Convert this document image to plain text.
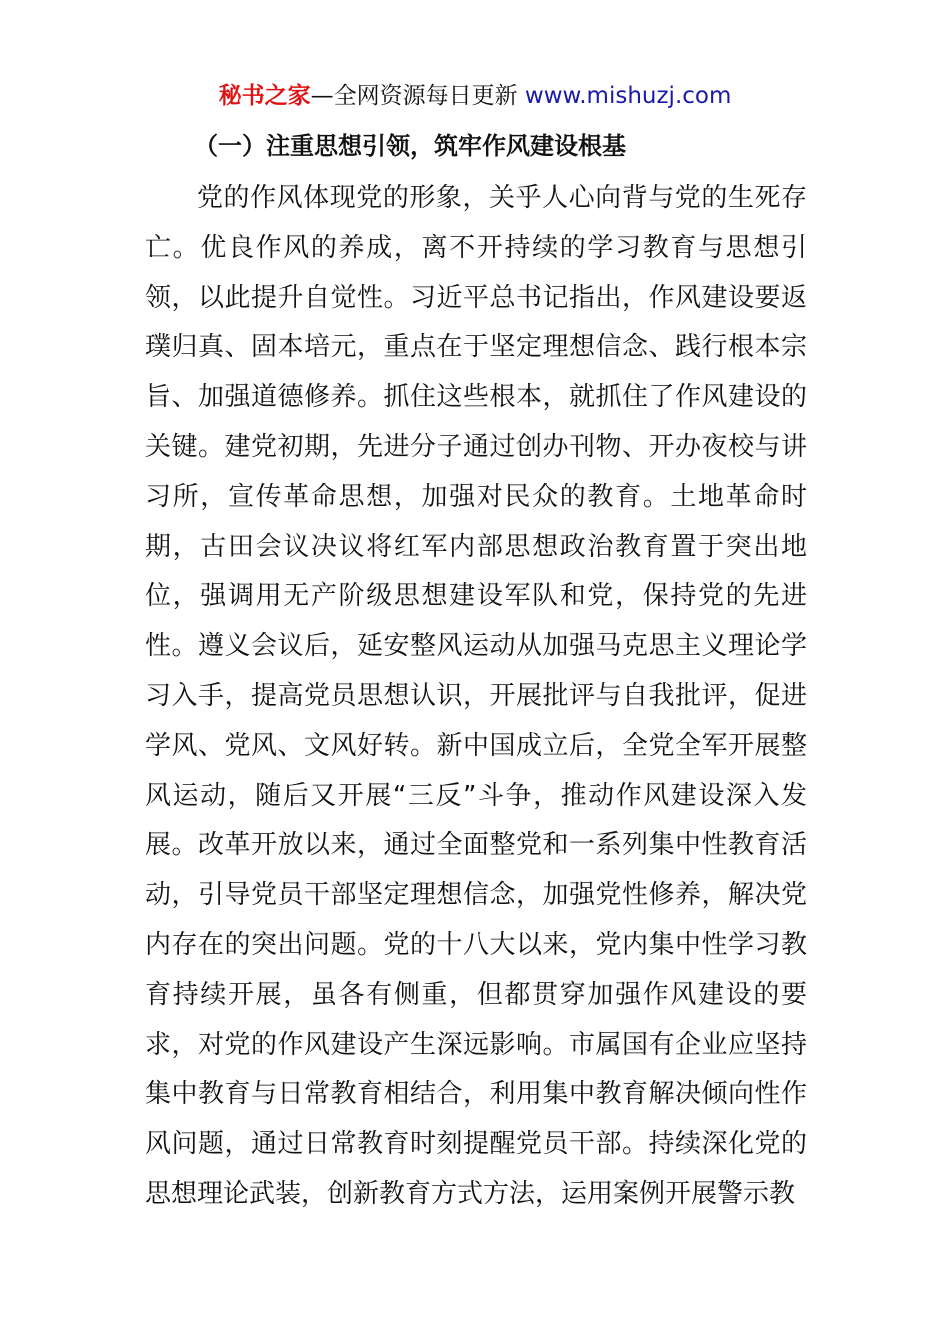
秘书之家—全网资源每日更新 www.mishuzj.com
（一）注重思想引领，筑牢作风建设根基

党的作风体现党的形象，关乎人心向背与党的生死存亡。优良作风的养成，离不开持续的学习教育与思想引领，以此提升自觉性。习近平总书记指出，作风建设要返璞归真、固本培元，重点在于坚定理想信念、践行根本宗旨、加强道德修养。抓住这些根本，就抓住了作风建设的关键。建党初期，先进分子通过创办刊物、开办夜校与讲习所，宣传革命思想，加强对民众的教育。土地革命时期，古田会议决议将红军内部思想政治教育置于突出地位，强调用无产阶级思想建设军队和党，保持党的先进性。遵义会议后，延安整风运动从加强马克思主义理论学习入手，提高党员思想认识，开展批评与自我批评，促进学风、党风、文风好转。新中国成立后，全党全军开展整风运动，随后又开展“三反”斗争，推动作风建设深入发展。改革开放以来，通过全面整党和一系列集中性教育活动，引导党员干部坚定理想信念，加强党性修养，解决党内存在的突出问题。党的十八大以来，党内集中性学习教育持续开展，虽各有侧重，但都贯穿加强作风建设的要求，对党的作风建设产生深远影响。市属国有企业应坚持集中教育与日常教育相结合，利用集中教育解决倾向性作风问题，通过日常教育时刻提醒党员干部。持续深化党的思想理论武装，创新教育方式方法，运用案例开展警示教
